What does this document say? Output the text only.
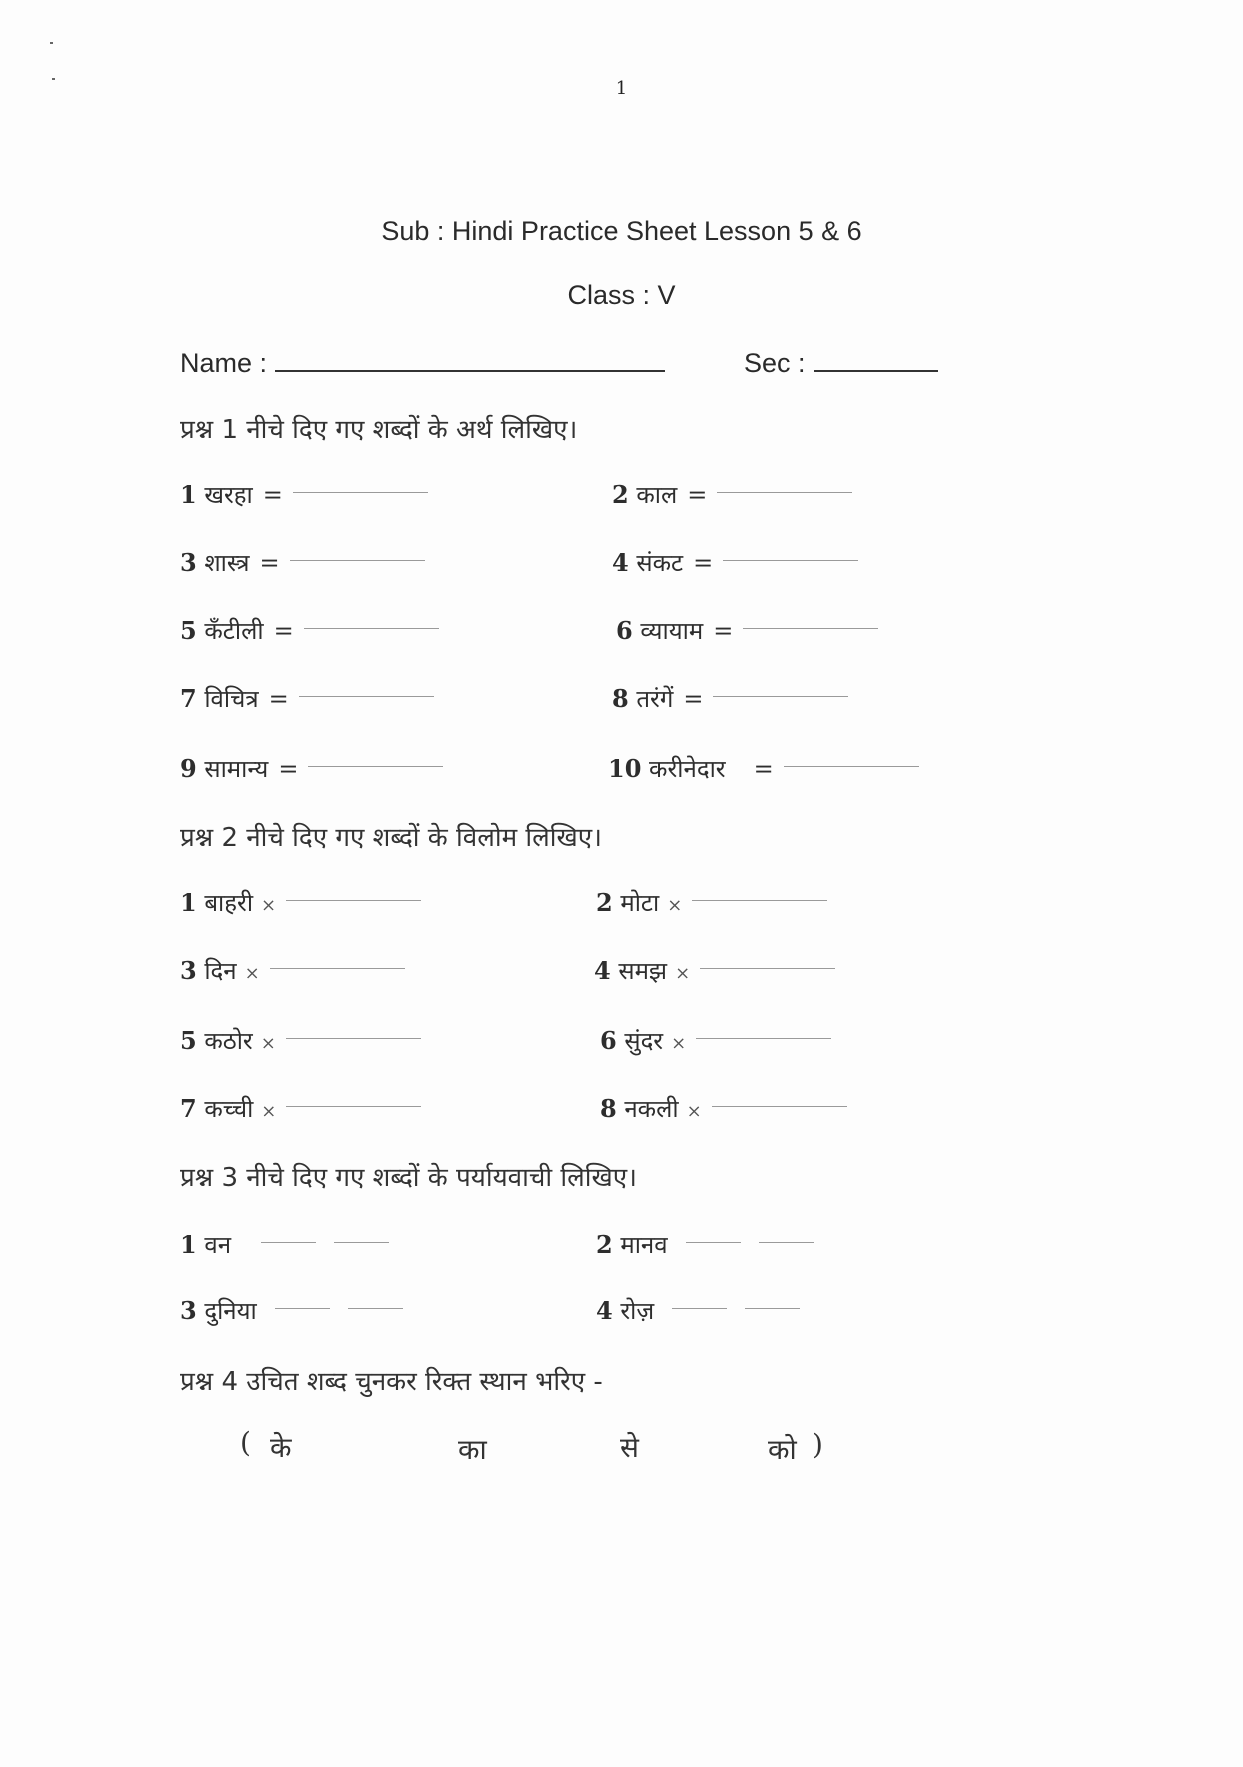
1
Sub : Hindi Practice Sheet Lesson 5 & 6
Class : V
Name :	Sec :
प्रश्न 1 नीचे दिए गए शब्दों के अर्थ लिखिए।
1 खरहा =	2 काल =
3 शास्त्र =	4 संकट =
5 कँटीली =	6 व्यायाम =
7 विचित्र =	8 तरंगें =
9 सामान्य =	10 करीनेदार =
प्रश्न 2 नीचे दिए गए शब्दों के विलोम लिखिए।
1 बाहरी ×	2 मोटा ×
3 दिन ×	4 समझ ×
5 कठोर ×	6 सुंदर ×
7 कच्ची ×	8 नकली ×
प्रश्न 3 नीचे दिए गए शब्दों के पर्यायवाची लिखिए।
1 वन	2 मानव
3 दुनिया	4 रोज़
प्रश्न 4 उचित शब्द चुनकर रिक्त स्थान भरिए -
( के	का	से	को )
